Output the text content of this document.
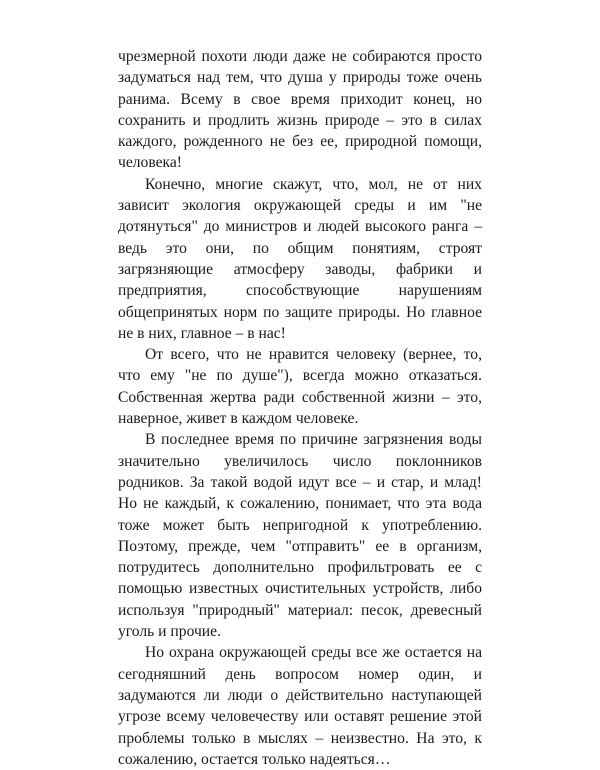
чрезмерной похоти люди даже не собираются просто задуматься над тем, что душа у природы тоже очень ранима. Всему в свое время приходит конец, но сохранить и продлить жизнь природе – это в силах каждого, рожденного не без ее, природной помощи, человека!

Конечно, многие скажут, что, мол, не от них зависит экология окружающей среды и им "не дотянуться" до министров и людей высокого ранга – ведь это они, по общим понятиям, строят загрязняющие атмосферу заводы, фабрики и предприятия, способствующие нарушениям общепринятых норм по защите природы. Но главное не в них, главное – в нас!

От всего, что не нравится человеку (вернее, то, что ему "не по душе"), всегда можно отказаться. Собственная жертва ради собственной жизни – это, наверное, живет в каждом человеке.

В последнее время по причине загрязнения воды значительно увеличилось число поклонников родников. За такой водой идут все – и стар, и млад! Но не каждый, к сожалению, понимает, что эта вода тоже может быть непригодной к употреблению. Поэтому, прежде, чем "отправить" ее в организм, потрудитесь дополнительно профильтровать ее с помощью известных очистительных устройств, либо используя "природный" материал: песок, древесный уголь и прочие.

Но охрана окружающей среды все же остается на сегодняшний день вопросом номер один, и задумаются ли люди о действительно наступающей угрозе всему человечеству или оставят решение этой проблемы только в мыслях – неизвестно. На это, к сожалению, остается только надеяться…
